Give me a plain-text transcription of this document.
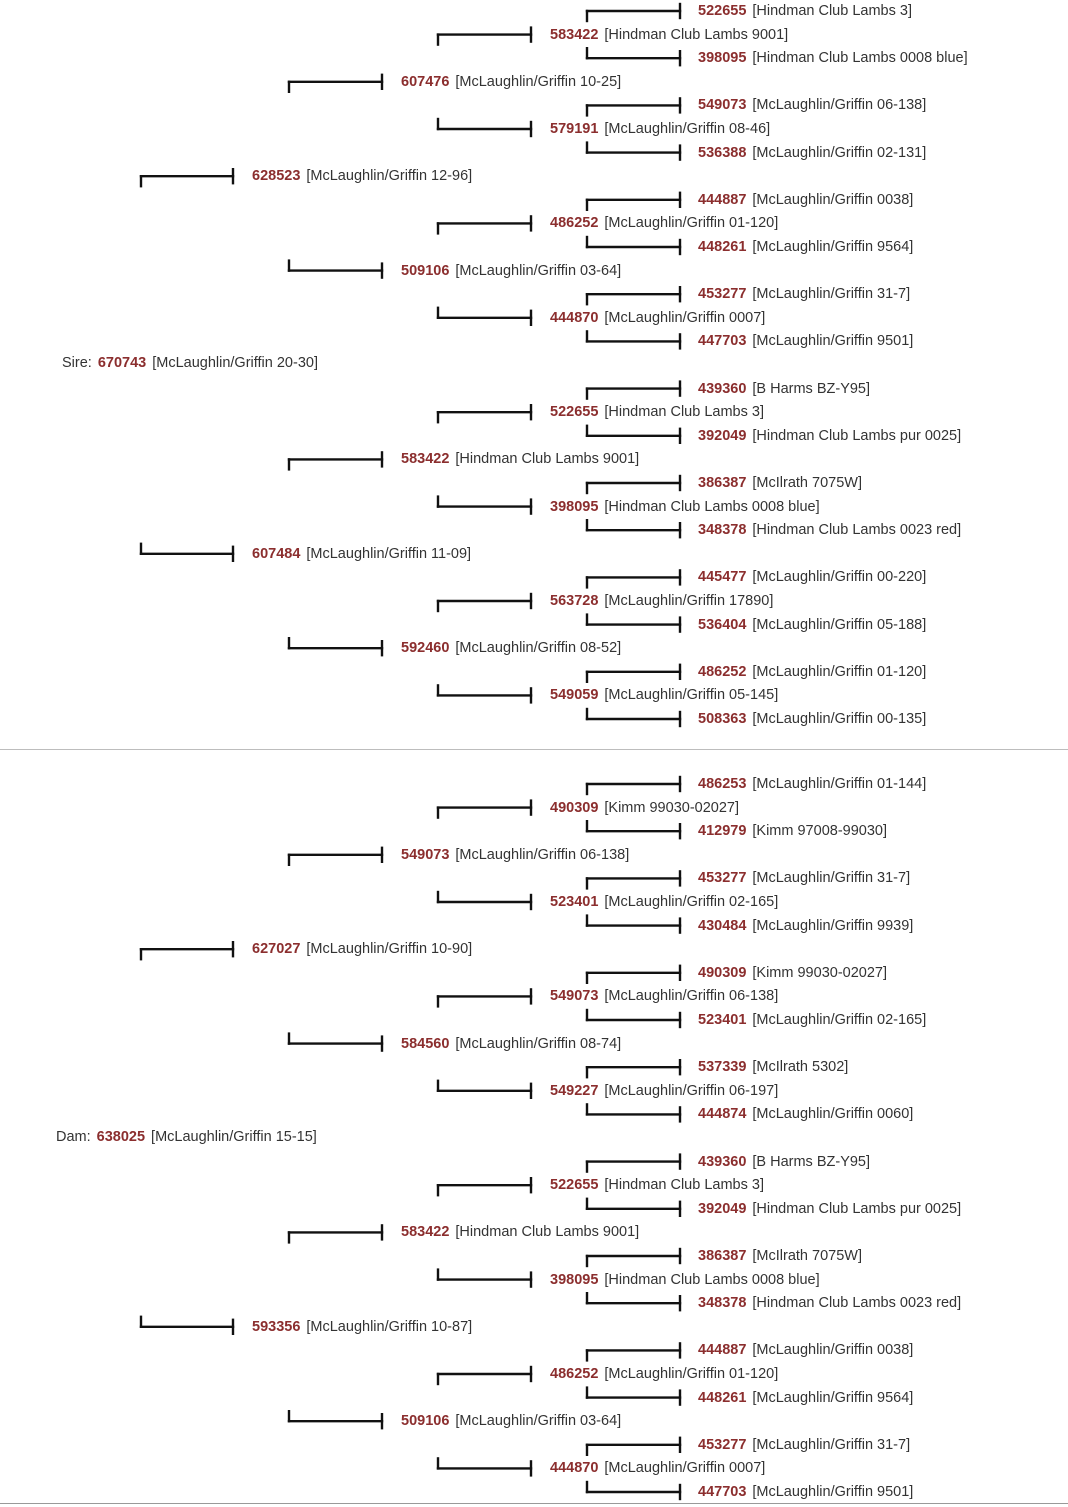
Sire: 670743 [McLaughlin/Griffin 20-30]
Dam: 638025 [McLaughlin/Griffin 15-15]
628523 [McLaughlin/Griffin 12-96]
607476 [McLaughlin/Griffin 10-25]
583422 [Hindman Club Lambs 9001]
522655 [Hindman Club Lambs 3]
398095 [Hindman Club Lambs 0008 blue]
579191 [McLaughlin/Griffin 08-46]
549073 [McLaughlin/Griffin 06-138]
536388 [McLaughlin/Griffin 02-131]
509106 [McLaughlin/Griffin 03-64]
486252 [McLaughlin/Griffin 01-120]
444887 [McLaughlin/Griffin 0038]
448261 [McLaughlin/Griffin 9564]
444870 [McLaughlin/Griffin 0007]
453277 [McLaughlin/Griffin 31-7]
447703 [McLaughlin/Griffin 9501]
607484 [McLaughlin/Griffin 11-09]
583422 [Hindman Club Lambs 9001]
522655 [Hindman Club Lambs 3]
439360 [B Harms BZ-Y95]
392049 [Hindman Club Lambs pur 0025]
398095 [Hindman Club Lambs 0008 blue]
386387 [McIlrath 7075W]
348378 [Hindman Club Lambs 0023 red]
592460 [McLaughlin/Griffin 08-52]
563728 [McLaughlin/Griffin 17890]
445477 [McLaughlin/Griffin 00-220]
536404 [McLaughlin/Griffin 05-188]
549059 [McLaughlin/Griffin 05-145]
486252 [McLaughlin/Griffin 01-120]
508363 [McLaughlin/Griffin 00-135]
627027 [McLaughlin/Griffin 10-90]
549073 [McLaughlin/Griffin 06-138]
490309 [Kimm 99030-02027]
486253 [McLaughlin/Griffin 01-144]
412979 [Kimm 97008-99030]
523401 [McLaughlin/Griffin 02-165]
453277 [McLaughlin/Griffin 31-7]
430484 [McLaughlin/Griffin 9939]
584560 [McLaughlin/Griffin 08-74]
549073 [McLaughlin/Griffin 06-138]
490309 [Kimm 99030-02027]
523401 [McLaughlin/Griffin 02-165]
549227 [McLaughlin/Griffin 06-197]
537339 [McIlrath 5302]
444874 [McLaughlin/Griffin 0060]
593356 [McLaughlin/Griffin 10-87]
583422 [Hindman Club Lambs 9001]
522655 [Hindman Club Lambs 3]
439360 [B Harms BZ-Y95]
392049 [Hindman Club Lambs pur 0025]
398095 [Hindman Club Lambs 0008 blue]
386387 [McIlrath 7075W]
348378 [Hindman Club Lambs 0023 red]
509106 [McLaughlin/Griffin 03-64]
486252 [McLaughlin/Griffin 01-120]
444887 [McLaughlin/Griffin 0038]
448261 [McLaughlin/Griffin 9564]
444870 [McLaughlin/Griffin 0007]
453277 [McLaughlin/Griffin 31-7]
447703 [McLaughlin/Griffin 9501]
